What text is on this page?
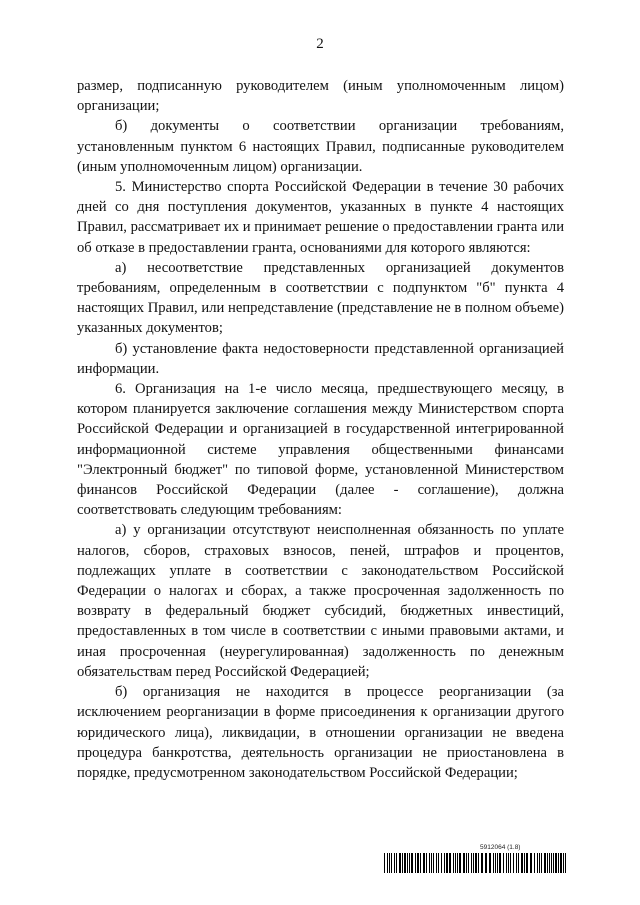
2

размер, подписанную руководителем (иным уполномоченным лицом) организации;

б) документы о соответствии организации требованиям, установленным пунктом 6 настоящих Правил, подписанные руководителем (иным уполномоченным лицом) организации.

5. Министерство спорта Российской Федерации в течение 30 рабочих дней со дня поступления документов, указанных в пункте 4 настоящих Правил, рассматривает их и принимает решение о предоставлении гранта или об отказе в предоставлении гранта, основаниями для которого являются:

а) несоответствие представленных организацией документов требованиям, определенным в соответствии с подпунктом "б" пункта 4 настоящих Правил, или непредставление (представление не в полном объеме) указанных документов;

б) установление факта недостоверности представленной организацией информации.

6. Организация на 1-е число месяца, предшествующего месяцу, в котором планируется заключение соглашения между Министерством спорта Российской Федерации и организацией в государственной интегрированной информационной системе управления общественными финансами "Электронный бюджет" по типовой форме, установленной Министерством финансов Российской Федерации (далее - соглашение), должна соответствовать следующим требованиям:

а) у организации отсутствуют неисполненная обязанность по уплате налогов, сборов, страховых взносов, пеней, штрафов и процентов, подлежащих уплате в соответствии с законодательством Российской Федерации о налогах и сборах, а также просроченная задолженность по возврату в федеральный бюджет субсидий, бюджетных инвестиций, предоставленных в том числе в соответствии с иными правовыми актами, и иная просроченная (неурегулированная) задолженность по денежным обязательствам перед Российской Федерацией;

б) организация не находится в процессе реорганизации (за исключением реорганизации в форме присоединения к организации другого юридического лица), ликвидации, в отношении организации не введена процедура банкротства, деятельность организации не приостановлена в порядке, предусмотренном законодательством Российской Федерации;

5912064 (1.8)
